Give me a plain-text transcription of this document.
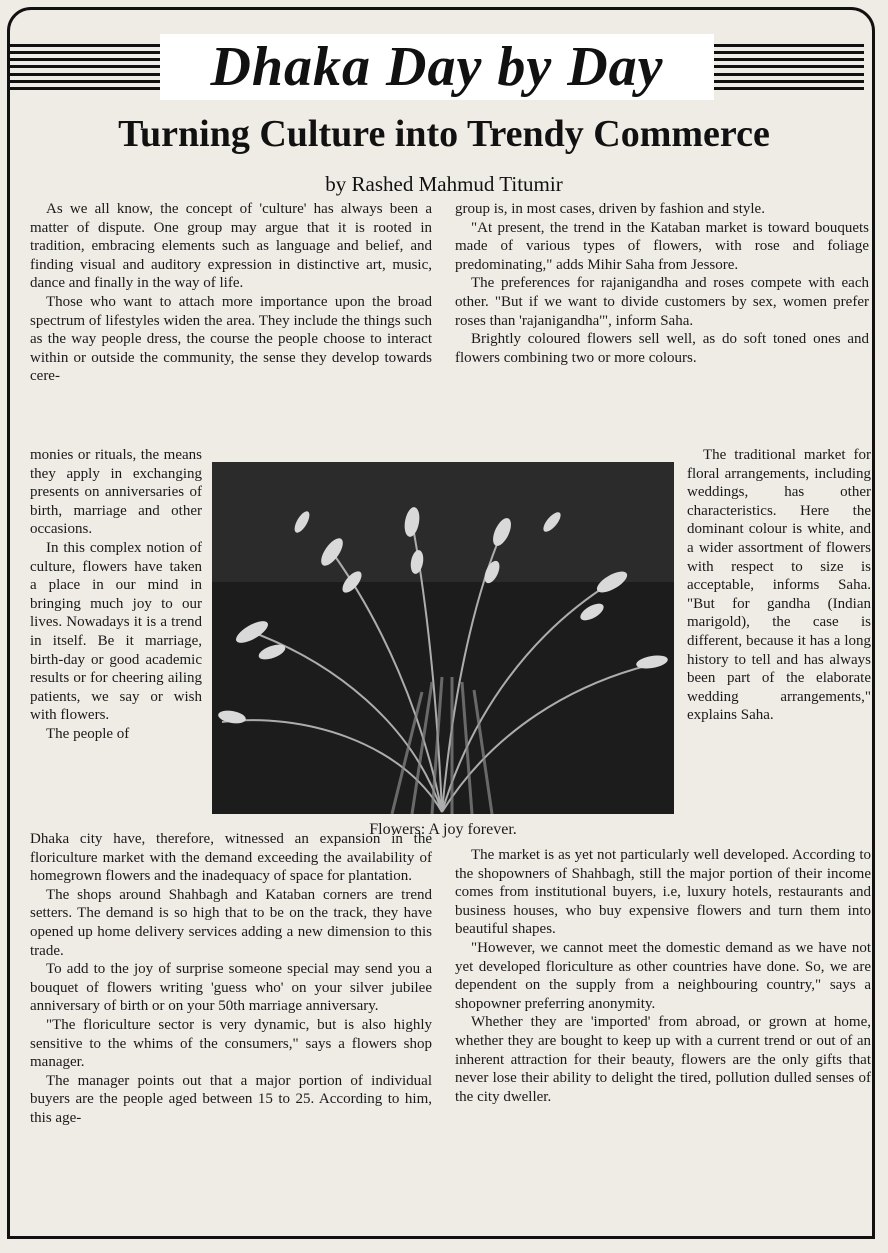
Dhaka Day by Day
Turning Culture into Trendy Commerce
by Rashed Mahmud Titumir

As we all know, the concept of 'culture' has always been a matter of dispute. One group may argue that it is rooted in tradition, embracing elements such as language and belief, and finding visual and auditory expression in distinctive art, music, dance and finally in the way of life.

Those who want to attach more importance upon the broad spectrum of lifestyles widen the area. They include the things such as the way people dress, the course the people choose to interact within or outside the community, the sense they develop towards cere-

monies or rituals, the means they apply in exchanging presents on anniversaries of birth, marriage and other occasions.

In this complex notion of culture, flowers have taken a place in our mind in bringing much joy to our lives. Nowadays it is a trend in itself. Be it marriage, birth-day or good academic results or for cheering ailing patients, we say or wish with flowers.

The people of

Dhaka city have, therefore, witnessed an expansion in the floriculture market with the demand exceeding the availability of homegrown flowers and the inadequacy of space for plantation.

The shops around Shahbagh and Kataban corners are trend setters. The demand is so high that to be on the track, they have opened up home delivery services adding a new dimension to this trade.

To add to the joy of surprise someone special may send you a bouquet of flowers writing 'guess who' on your silver jubilee anniversary of birth or on your 50th marriage anniversary.

"The floriculture sector is very dynamic, but is also highly sensitive to the whims of the consumers," says a flowers shop manager.

The manager points out that a major portion of individual buyers are the people aged between 15 to 25. According to him, this age-

group is, in most cases, driven by fashion and style.

"At present, the trend in the Kataban market is toward bouquets made of various types of flowers, with rose and foliage predominating," adds Mihir Saha from Jessore.

The preferences for rajanigandha and roses compete with each other. "But if we want to divide customers by sex, women prefer roses than 'rajanigandha'", inform Saha.

Brightly coloured flowers sell well, as do soft toned ones and flowers combining two or more colours.

Flowers: A joy forever.

The traditional market for floral arrangements, including weddings, has other characteristics. Here the dominant colour is white, and a wider assortment of flowers with respect to size is acceptable, informs Saha. "But for gandha (Indian marigold), the case is different, because it has a long history to tell and has always been part of the elaborate wedding arrangements," explains Saha.

The market is as yet not particularly well developed. According to the shopowners of Shahbagh, still the major portion of their income comes from institutional buyers, i.e, luxury hotels, restaurants and business houses, who buy expensive flowers and turn them into beautiful shapes.

"However, we cannot meet the domestic demand as we have not yet developed floriculture as other countries have done. So, we are dependent on the supply from a neighbouring country," says a shopowner preferring anonymity.

Whether they are 'imported' from abroad, or grown at home, whether they are bought to keep up with a current trend or out of an inherent attraction for their beauty, flowers are the only gifts that never lose their ability to delight the tired, pollution dulled senses of the city dweller.
